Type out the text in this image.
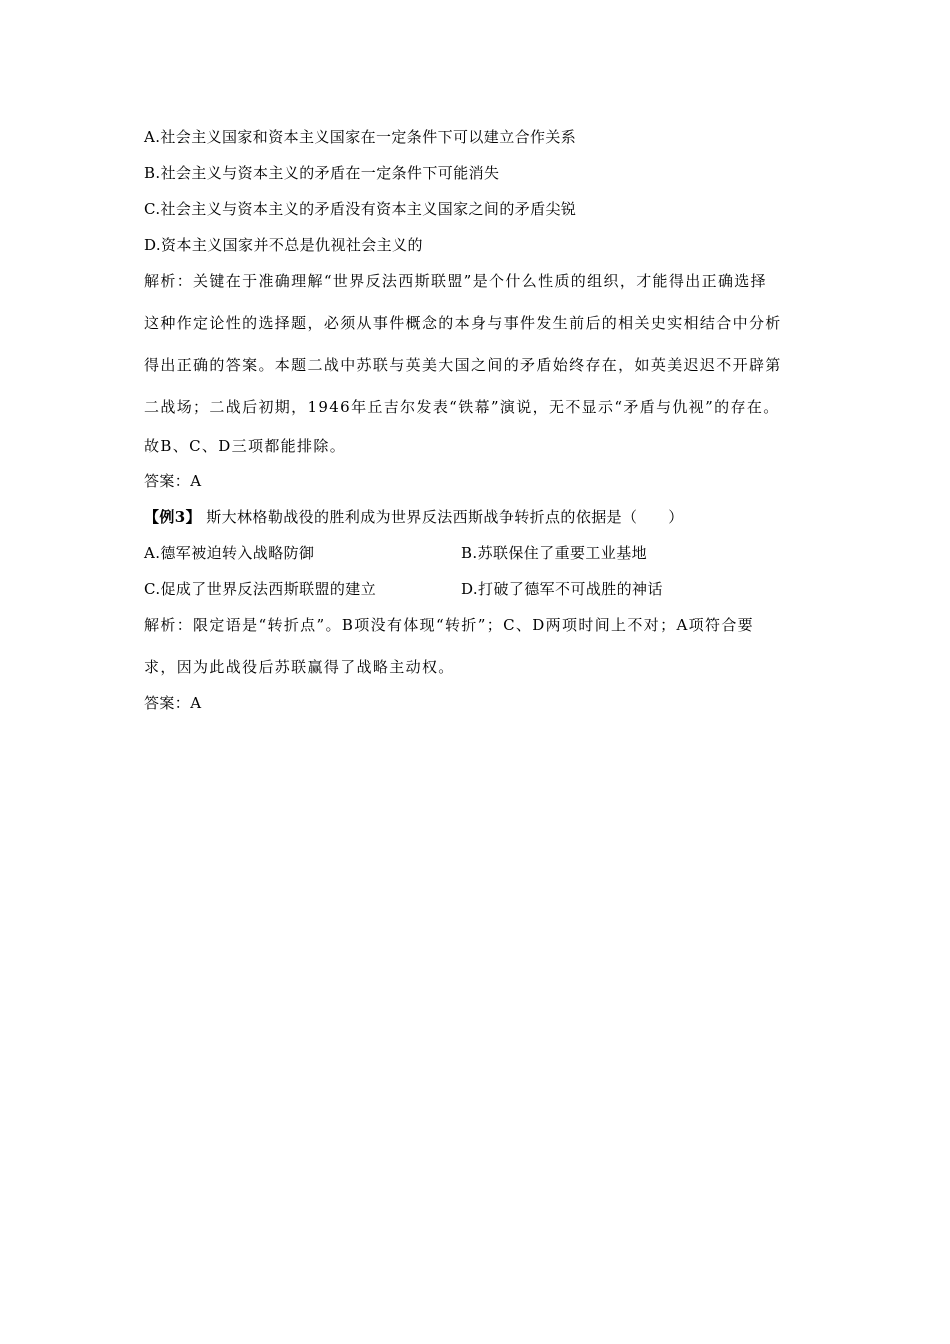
A.社会主义国家和资本主义国家在一定条件下可以建立合作关系
B.社会主义与资本主义的矛盾在一定条件下可能消失
C.社会主义与资本主义的矛盾没有资本主义国家之间的矛盾尖锐
D.资本主义国家并不总是仇视社会主义的
解析：关键在于准确理解“世界反法西斯联盟”是个什么性质的组织，才能得出正确选择
这种作定论性的选择题，必须从事件概念的本身与事件发生前后的相关史实相结合中分析
得出正确的答案。本题二战中苏联与英美大国之间的矛盾始终存在，如英美迟迟不开辟第
二战场；二战后初期，1946年丘吉尔发表“铁幕”演说，无不显示“矛盾与仇视”的存在。
故B、C、D三项都能排除。
答案：A
【例3】 斯大林格勒战役的胜利成为世界反法西斯战争转折点的依据是（　　）
A.德军被迫转入战略防御	B.苏联保住了重要工业基地
C.促成了世界反法西斯联盟的建立	D.打破了德军不可战胜的神话
解析：限定语是“转折点”。B项没有体现“转折”；C、D两项时间上不对；A项符合要
求，因为此战役后苏联赢得了战略主动权。
答案：A
